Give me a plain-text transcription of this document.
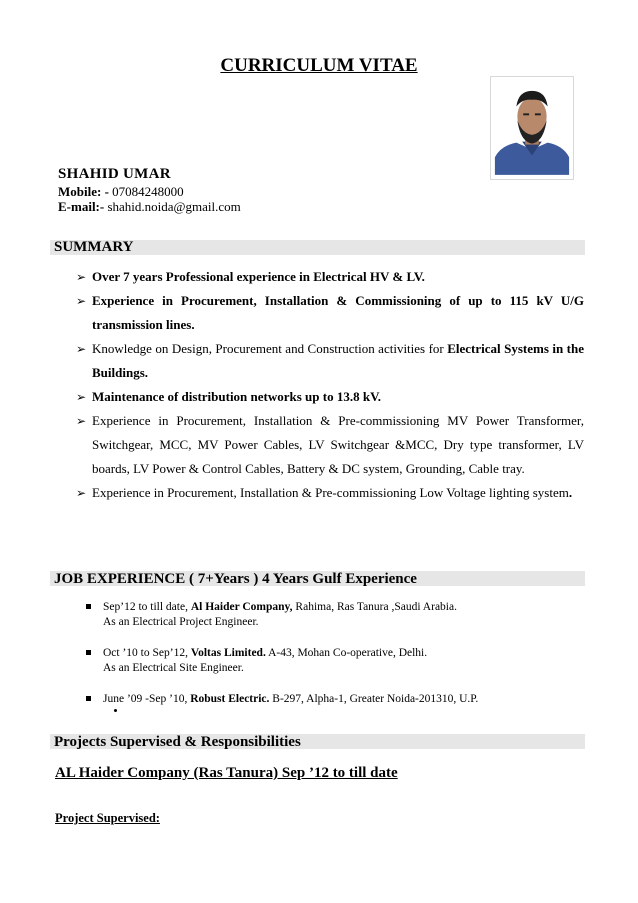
CURRICULUM VITAE
SHAHID UMAR
Mobile: - 07084248000
E-mail:- shahid.noida@gmail.com
SUMMARY
➢ Over 7 years Professional experience in Electrical HV & LV.
➢ Experience in Procurement, Installation & Commissioning of up to 115 kV U/G transmission lines.
➢ Knowledge on Design, Procurement and Construction activities for Electrical Systems in the Buildings.
➢ Maintenance of distribution networks up to 13.8 kV.
➢ Experience in Procurement, Installation & Pre-commissioning MV Power Transformer, Switchgear, MCC, MV Power Cables, LV Switchgear &MCC, Dry type transformer, LV boards, LV Power & Control Cables, Battery & DC system, Grounding, Cable tray.
➢ Experience in Procurement, Installation & Pre-commissioning Low Voltage lighting system.
JOB EXPERIENCE ( 7+Years ) 4 Years Gulf Experience
Sep’12 to till date, Al Haider Company, Rahima, Ras Tanura ,Saudi Arabia.
As an Electrical Project Engineer.
Oct ’10 to Sep’12, Voltas Limited. A-43, Mohan Co-operative, Delhi.
As an Electrical Site Engineer.
June ’09 -Sep ’10, Robust Electric. B-297, Alpha-1, Greater Noida-201310, U.P.
Projects Supervised & Responsibilities
AL Haider Company (Ras Tanura) Sep ’12 to till date
Project Supervised:
